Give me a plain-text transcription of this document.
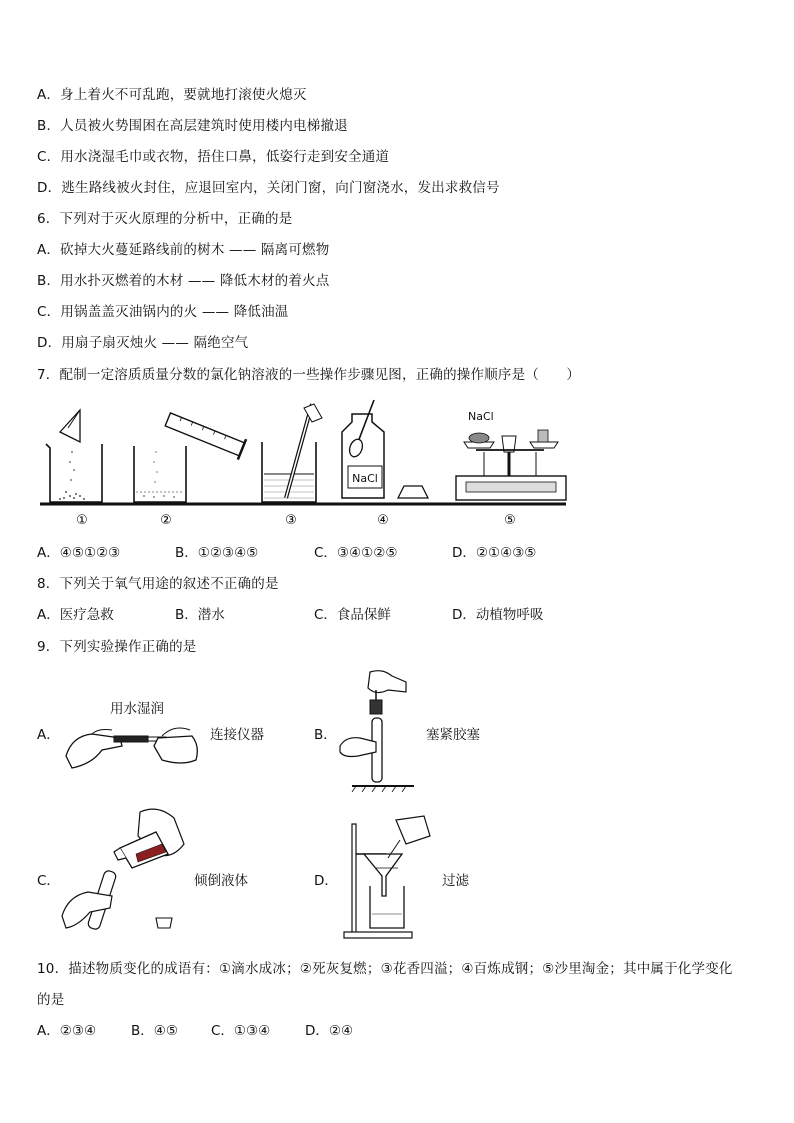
A．身上着火不可乱跑，要就地打滚使火熄灭
B．人员被火势围困在高层建筑时使用楼内电梯撤退
C．用水浇湿毛巾或衣物，捂住口鼻，低姿行走到安全通道
D．逃生路线被火封住，应退回室内，关闭门窗，向门窗浇水，发出求救信号
6．下列对于灭火原理的分析中，正确的是
A．砍掉大火蔓延路线前的树木 —— 隔离可燃物
B．用水扑灭燃着的木材 —— 降低木材的着火点
C．用锅盖盖灭油锅内的火 —— 降低油温
D．用扇子扇灭烛火 —— 隔绝空气
7．配制一定溶质质量分数的氯化钠溶液的一些操作步骤见图，正确的操作顺序是（　　）
NaCl
NaCl
①	②	③	④	⑤
A．④⑤①②③	B．①②③④⑤	C．③④①②⑤	D．②①④③⑤
8．下列关于氧气用途的叙述不正确的是
A．医疗急救	B．潜水	C．食品保鲜	D．动植物呼吸
9．下列实验操作正确的是
A．
用水湿润
连接仪器	B．	塞紧胶塞
C．	倾倒液体	D．	过滤
10．描述物质变化的成语有：①滴水成冰；②死灰复燃；③花香四溢；④百炼成钢；⑤沙里淘金；其中属于化学变化
的是
A．②③④	B．④⑤ C．①③④	D．②④
